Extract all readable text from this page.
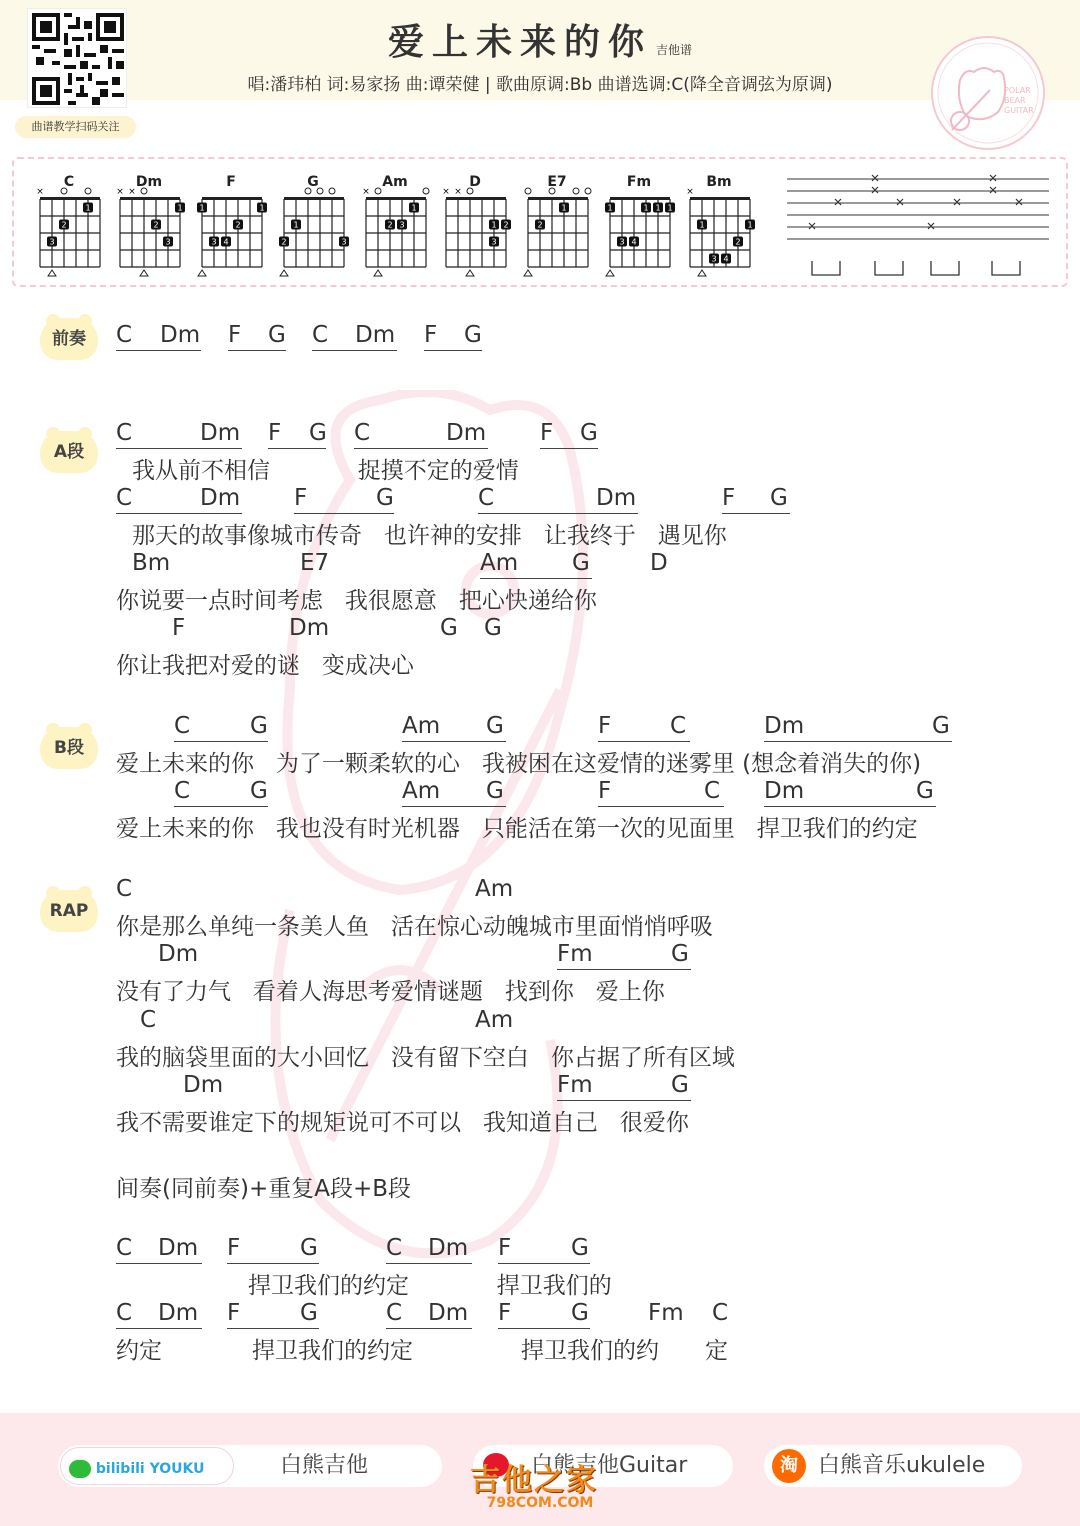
曲谱教学扫码关注
爱上未来的你 吉他谱
唱:潘玮柏 词:易家扬 曲:谭荣健 | 歌曲原调:Bb 曲谱选调:C(降全音调弦为原调)	POLAR
BEAR
GUITAR
C
×
1
2
3
Dm
× ×
1
2
3
F
1	1
2
3 4
G
1
2	3
Am
×
1
2 3
D
× ×
1 2
3
E7
1
2
Fm
1	1 1 1
3 4
Bm
×
1	1
2
3 4
前奏
A段
B段
RAP
C Dm F G C Dm F G
C	Dm F G C	Dm F G
我从前不相信            捉摸不定的爱情
C	Dm F	G	C	Dm	F G
那天的故事像城市传奇   也许神的安排   让我终于   遇见你
Bm	E7	Am G	D
你说要一点时间考虑   我很愿意   把心快递给你
F	Dm	G G
你让我把对爱的谜   变成决心
C	G	Am G	F	C	Dm	G
爱上未来的你   为了一颗柔软的心   我被困在这爱情的迷雾里 (想念着消失的你)
C	G	Am G	F	C Dm	G
爱上未来的你   我也没有时光机器   只能活在第一次的见面里   捍卫我们的约定
C	Am
你是那么单纯一条美人鱼   活在惊心动魄城市里面悄悄呼吸
Dm	Fm	G
没有了力气   看着人海思考爱情谜题   找到你   爱上你
C	Am
我的脑袋里面的大小回忆   没有留下空白   你占据了所有区域
Dm	Fm	G
我不需要谁定下的规矩说可不可以   我知道自己   很爱你
间奏(同前奏)+重复A段+B段
C Dm F	G	C Dm F	G
捍卫我们的约定            捍卫我们的
C Dm F	G	C Dm F	G	Fm C
约定	捍卫我们的约定	捍卫我们的约 定
bilibili YOUKU	白熊吉他	白熊吉他Guitar	淘 白熊音乐ukulele
吉他之家
798COM.COM
